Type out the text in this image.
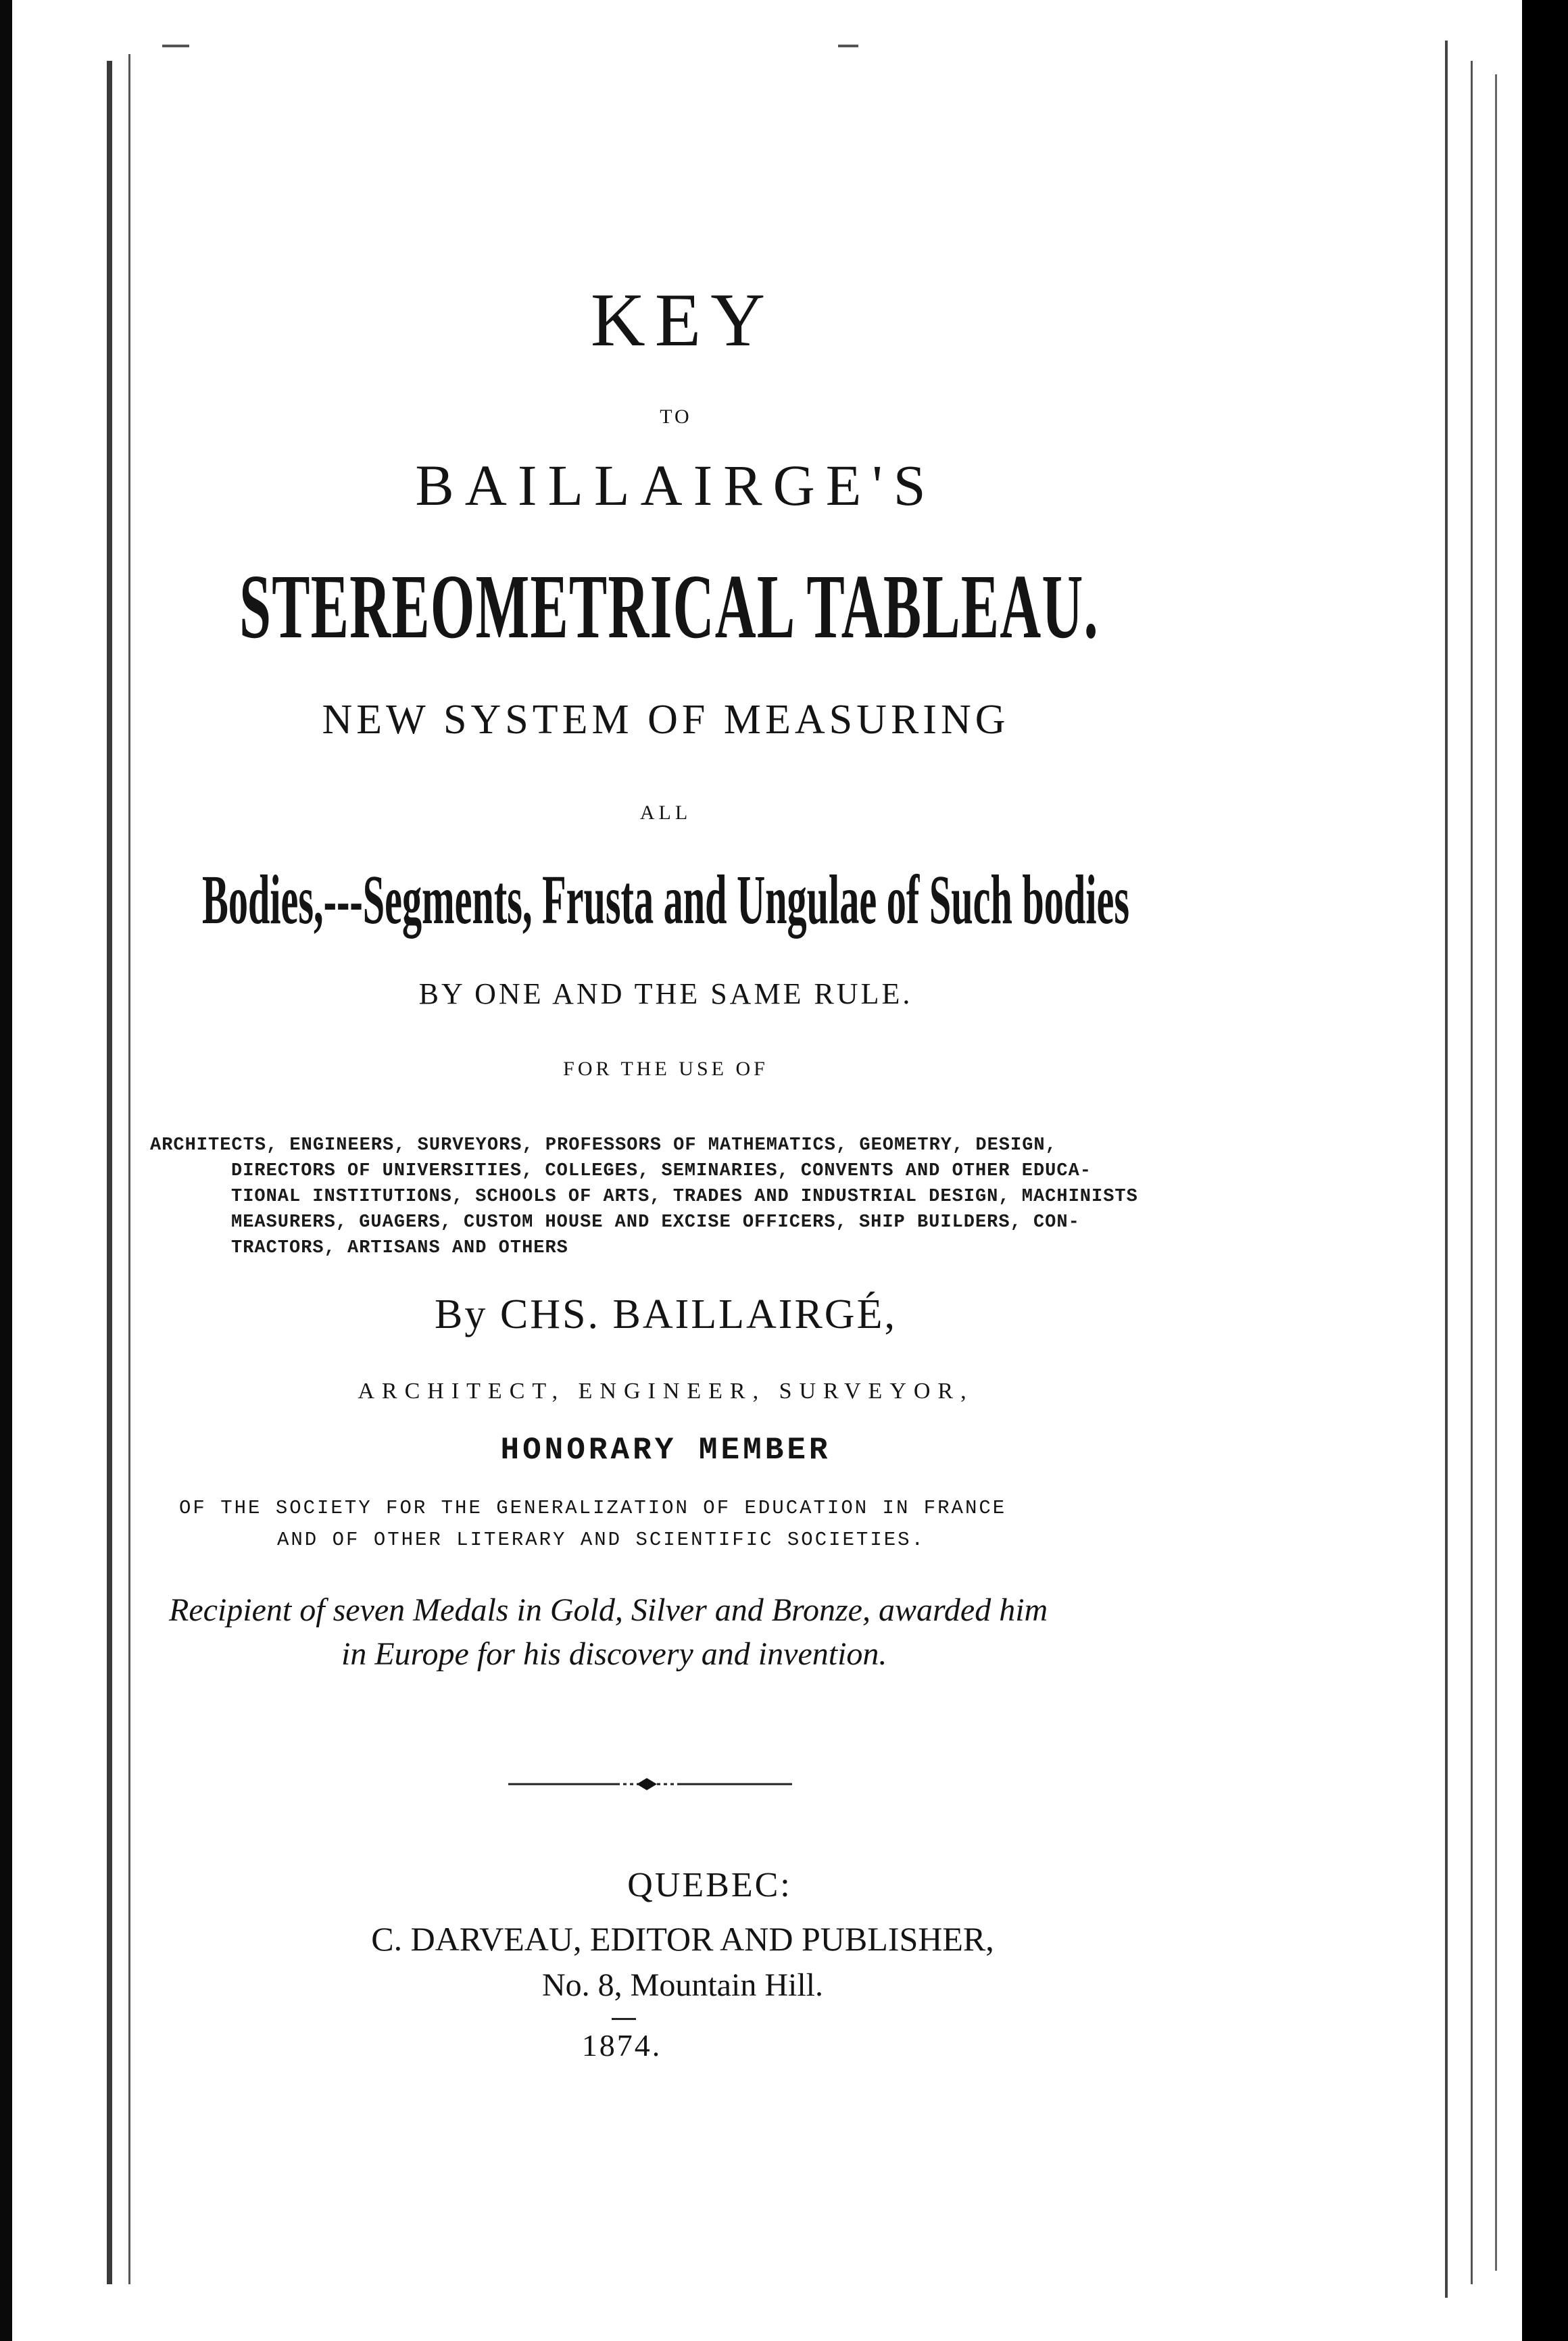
KEY
TO
BAILLAIRGE'S
STEREOMETRICAL TABLEAU.
NEW SYSTEM OF MEASURING
ALL
Bodies,---Segments, Frusta and Ungulae of Such bodies
BY ONE AND THE SAME RULE.
FOR THE USE OF
ARCHITECTS, ENGINEERS, SURVEYORS, PROFESSORS OF MATHEMATICS, GEOMETRY, DESIGN,
DIRECTORS OF UNIVERSITIES, COLLEGES, SEMINARIES, CONVENTS AND OTHER EDUCA-
TIONAL INSTITUTIONS, SCHOOLS OF ARTS, TRADES AND INDUSTRIAL DESIGN, MACHINISTS
MEASURERS, GUAGERS, CUSTOM HOUSE AND EXCISE OFFICERS, SHIP BUILDERS, CON-
TRACTORS, ARTISANS AND OTHERS
By CHS. BAILLAIRGÉ,
ARCHITECT, ENGINEER, SURVEYOR,
HONORARY MEMBER
OF THE SOCIETY FOR THE GENERALIZATION OF EDUCATION IN FRANCE
AND OF OTHER LITERARY AND SCIENTIFIC SOCIETIES.
Recipient of seven Medals in Gold, Silver and Bronze, awarded him
in Europe for his discovery and invention.
QUEBEC:
C. DARVEAU, EDITOR AND PUBLISHER,
No. 8, Mountain Hill.
1874.
